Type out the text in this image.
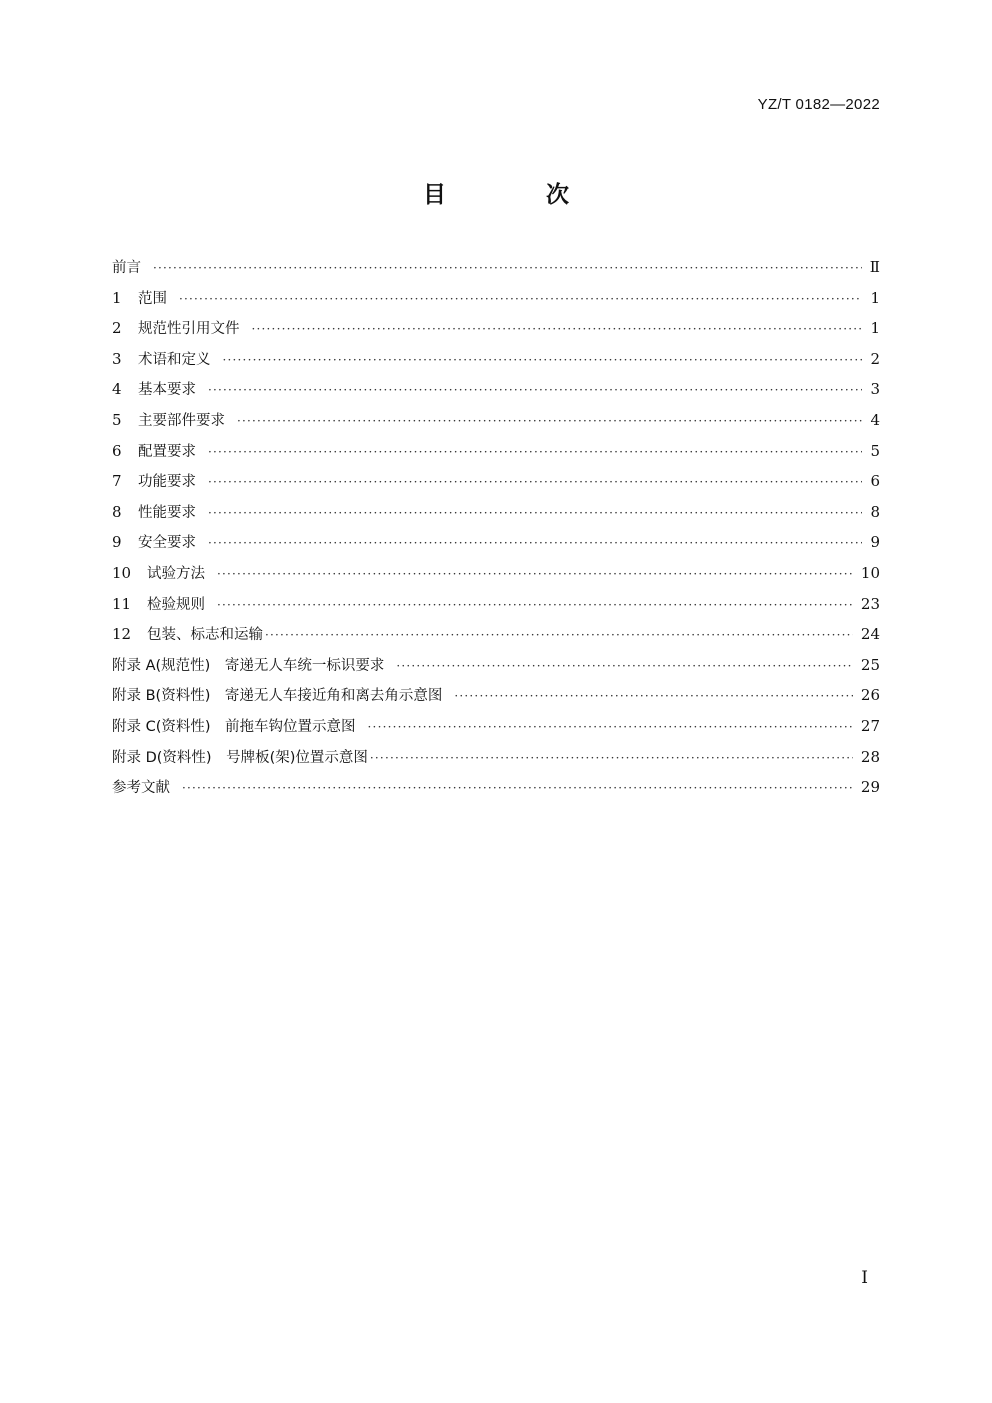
YZ/T 0182—2022
目 次
前言 ·····	Ⅱ
1	范围 ·····	1
2	规范性引用文件 ·····	1
3	术语和定义 ·····	2
4	基本要求 ·····	3
5	主要部件要求 ·····	4
6	配置要求 ·····	5
7	功能要求 ·····	6
8	性能要求 ·····	8
9	安全要求 ·····	9
10	试验方法 ·····	10
11	检验规则 ·····	23
12	包装、标志和运输 ·····	24
附录 A(规范性)　寄递无人车统一标识要求 ·····	25
附录 B(资料性)　寄递无人车接近角和离去角示意图 ·····	26
附录 C(资料性)　前拖车钩位置示意图 ·····	27
附录 D(资料性)　号牌板(架)位置示意图 ·····	28
参考文献 ·····	29
I
